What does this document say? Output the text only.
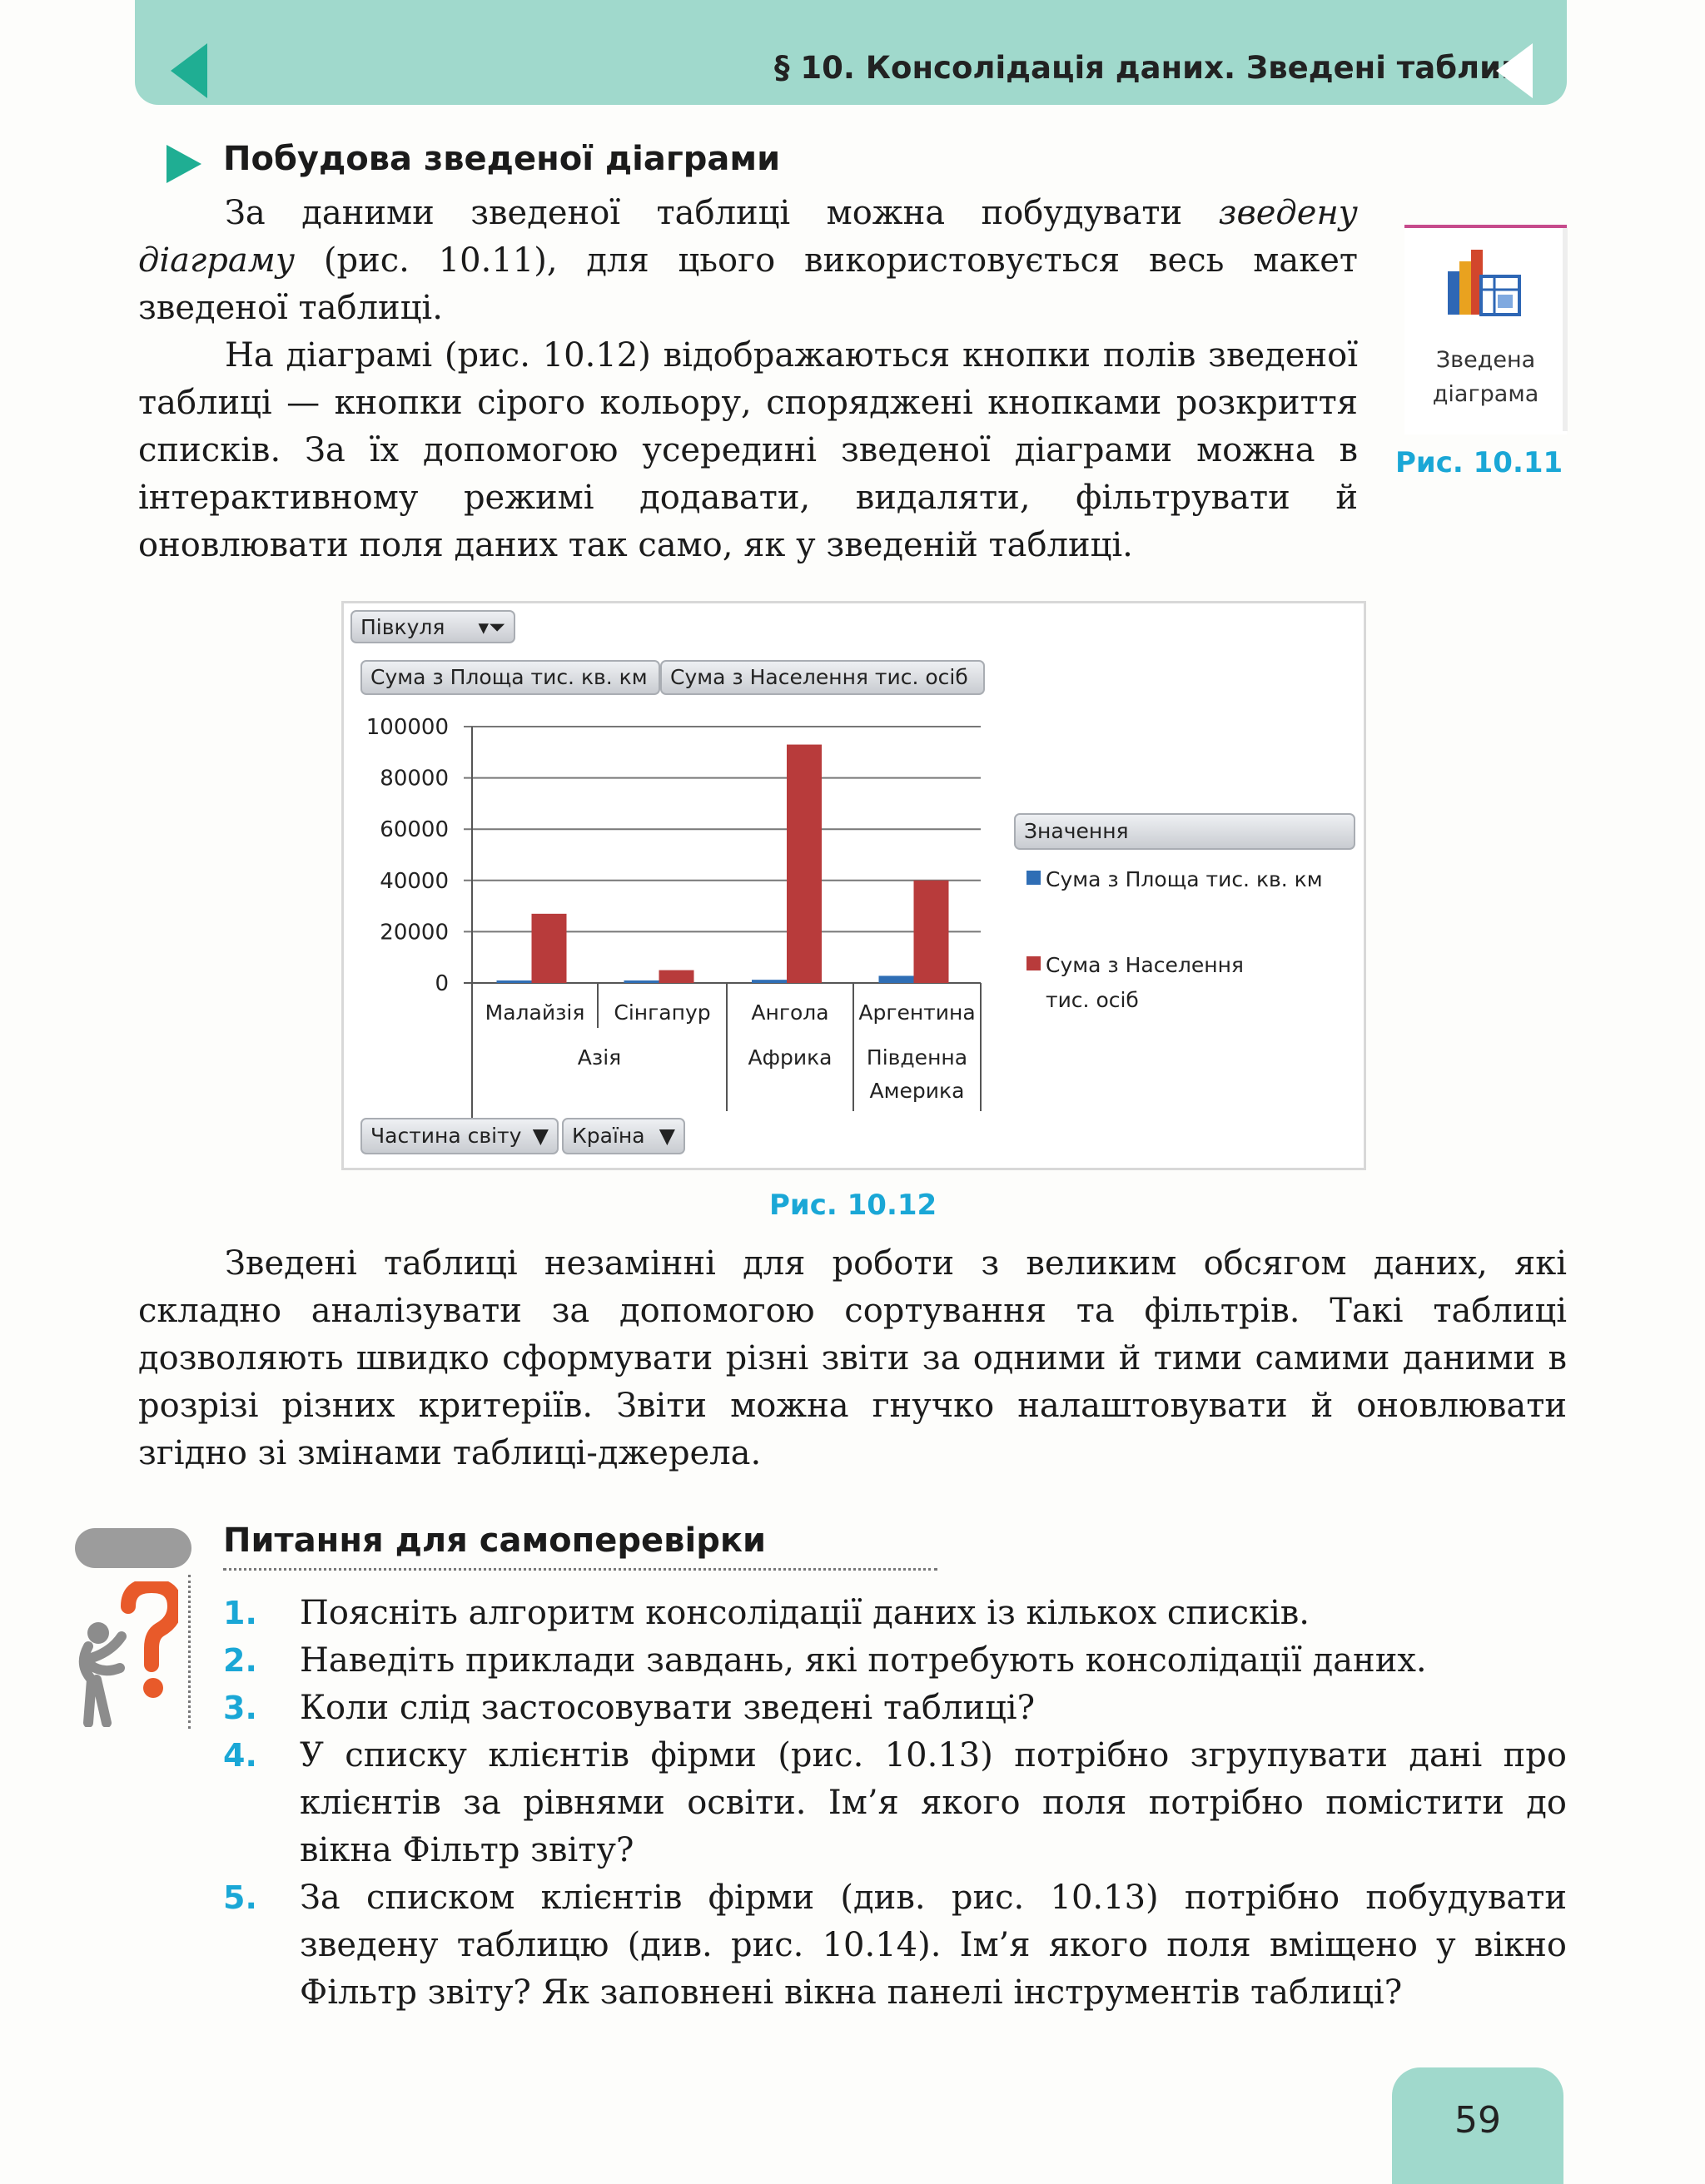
§ 10. Консолідація даних. Зведені таблиці
Побудова зведеної діаграми

За даними зведеної таблиці можна побудувати зведену діаграму (рис. 10.11), для цього використовується весь макет зведеної таблиці.

На діаграмі (рис. 10.12) відображаються кнопки полів зведеної таблиці — кнопки сірого кольору, споряджені кнопками розкриття списків. За їх допомогою усередині зведеної діаграми можна в інтерактивному режимі додавати, видаляти, фільтрувати й оновлювати поля даних так само, як у зведеній таблиці.

Зведена
діаграма
Рис. 10.11
Півкуля ▾⏷
Сума з Площа тис. кв. км	Сума з Населення тис. осіб
100000
80000
60000
40000
20000
0
Малайзія Сінгапур Ангола Аргентина
Азія	Африка Південна
Америка
Сума з Площа тис. кв. км
Сума з Населення
тис. осіб
Частина світу ▼	Країна ▼
Значення
Рис. 10.12

Зведені таблиці незамінні для роботи з великим обсягом даних, які складно аналізувати за допомогою сортування та фільтрів. Такі таблиці дозволяють швидко сформувати різні звіти за одними й тими самими даними в розрізі різних критеріїв. Звіти можна гнучко налаштовувати й оновлювати згідно зі змінами таблиці-джерела.

Питання для самоперевірки
1. Поясніть алгоритм консолідації даних із кількох списків.
2. Наведіть приклади завдань, які потребують консолідації даних.
3. Коли слід застосовувати зведені таблиці?
4. У списку клієнтів фірми (рис. 10.13) потрібно згрупувати дані про клієнтів за рівнями освіти. Ім’я якого поля потрібно помістити до вікна Фільтр звіту?
5. За списком клієнтів фірми (див. рис. 10.13) потрібно побудувати зведену таблицю (див. рис. 10.14). Ім’я якого поля вміщено у вікно Фільтр звіту? Як заповнені вікна панелі інструментів таблиці?
59
